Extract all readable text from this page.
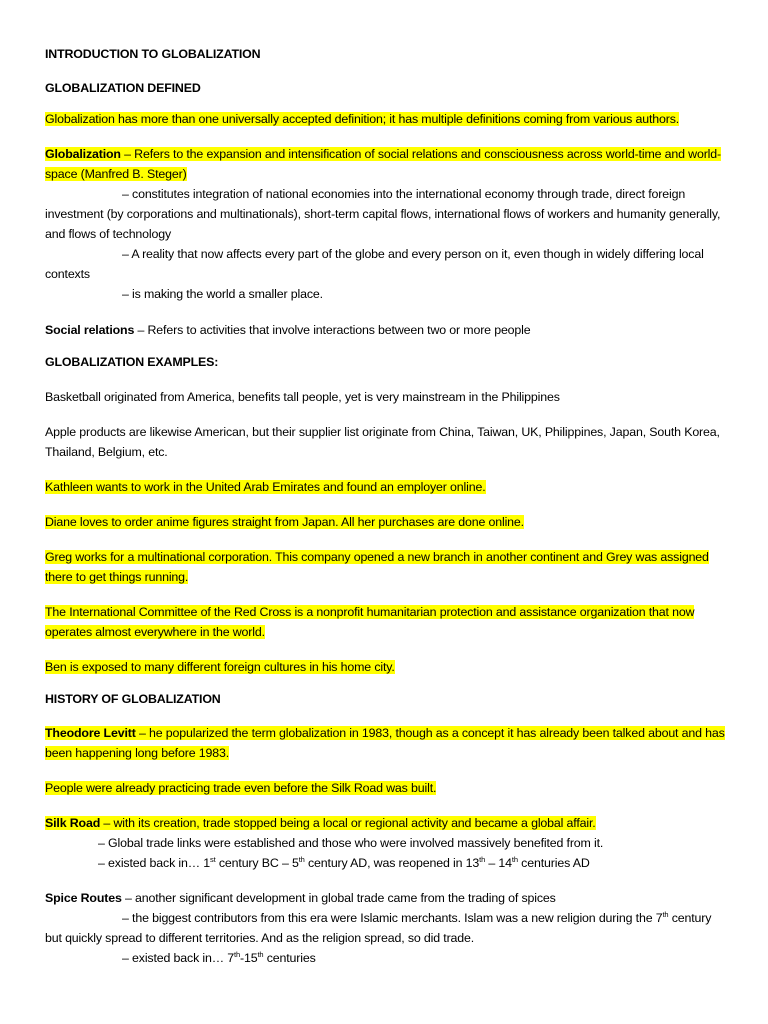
INTRODUCTION TO GLOBALIZATION
GLOBALIZATION DEFINED
Globalization has more than one universally accepted definition; it has multiple definitions coming from various authors.
Globalization – Refers to the expansion and intensification of social relations and consciousness across world-time and world-space (Manfred B. Steger)
– constitutes integration of national economies into the international economy through trade, direct foreign investment (by corporations and multinationals), short-term capital flows, international flows of workers and humanity generally, and flows of technology
– A reality that now affects every part of the globe and every person on it, even though in widely differing local contexts
– is making the world a smaller place.
Social relations – Refers to activities that involve interactions between two or more people
GLOBALIZATION EXAMPLES:
Basketball originated from America, benefits tall people, yet is very mainstream in the Philippines
Apple products are likewise American, but their supplier list originate from China, Taiwan, UK, Philippines, Japan, South Korea, Thailand, Belgium, etc.
Kathleen wants to work in the United Arab Emirates and found an employer online.
Diane loves to order anime figures straight from Japan. All her purchases are done online.
Greg works for a multinational corporation. This company opened a new branch in another continent and Grey was assigned there to get things running.
The International Committee of the Red Cross is a nonprofit humanitarian protection and assistance organization that now operates almost everywhere in the world.
Ben is exposed to many different foreign cultures in his home city.
HISTORY OF GLOBALIZATION
Theodore Levitt – he popularized the term globalization in 1983, though as a concept it has already been talked about and has been happening long before 1983.
People were already practicing trade even before the Silk Road was built.
Silk Road – with its creation, trade stopped being a local or regional activity and became a global affair.
– Global trade links were established and those who were involved massively benefited from it.
– existed back in… 1st century BC – 5th century AD, was reopened in 13th – 14th centuries AD
Spice Routes – another significant development in global trade came from the trading of spices
– the biggest contributors from this era were Islamic merchants. Islam was a new religion during the 7th century but quickly spread to different territories. And as the religion spread, so did trade.
– existed back in… 7th-15th centuries
